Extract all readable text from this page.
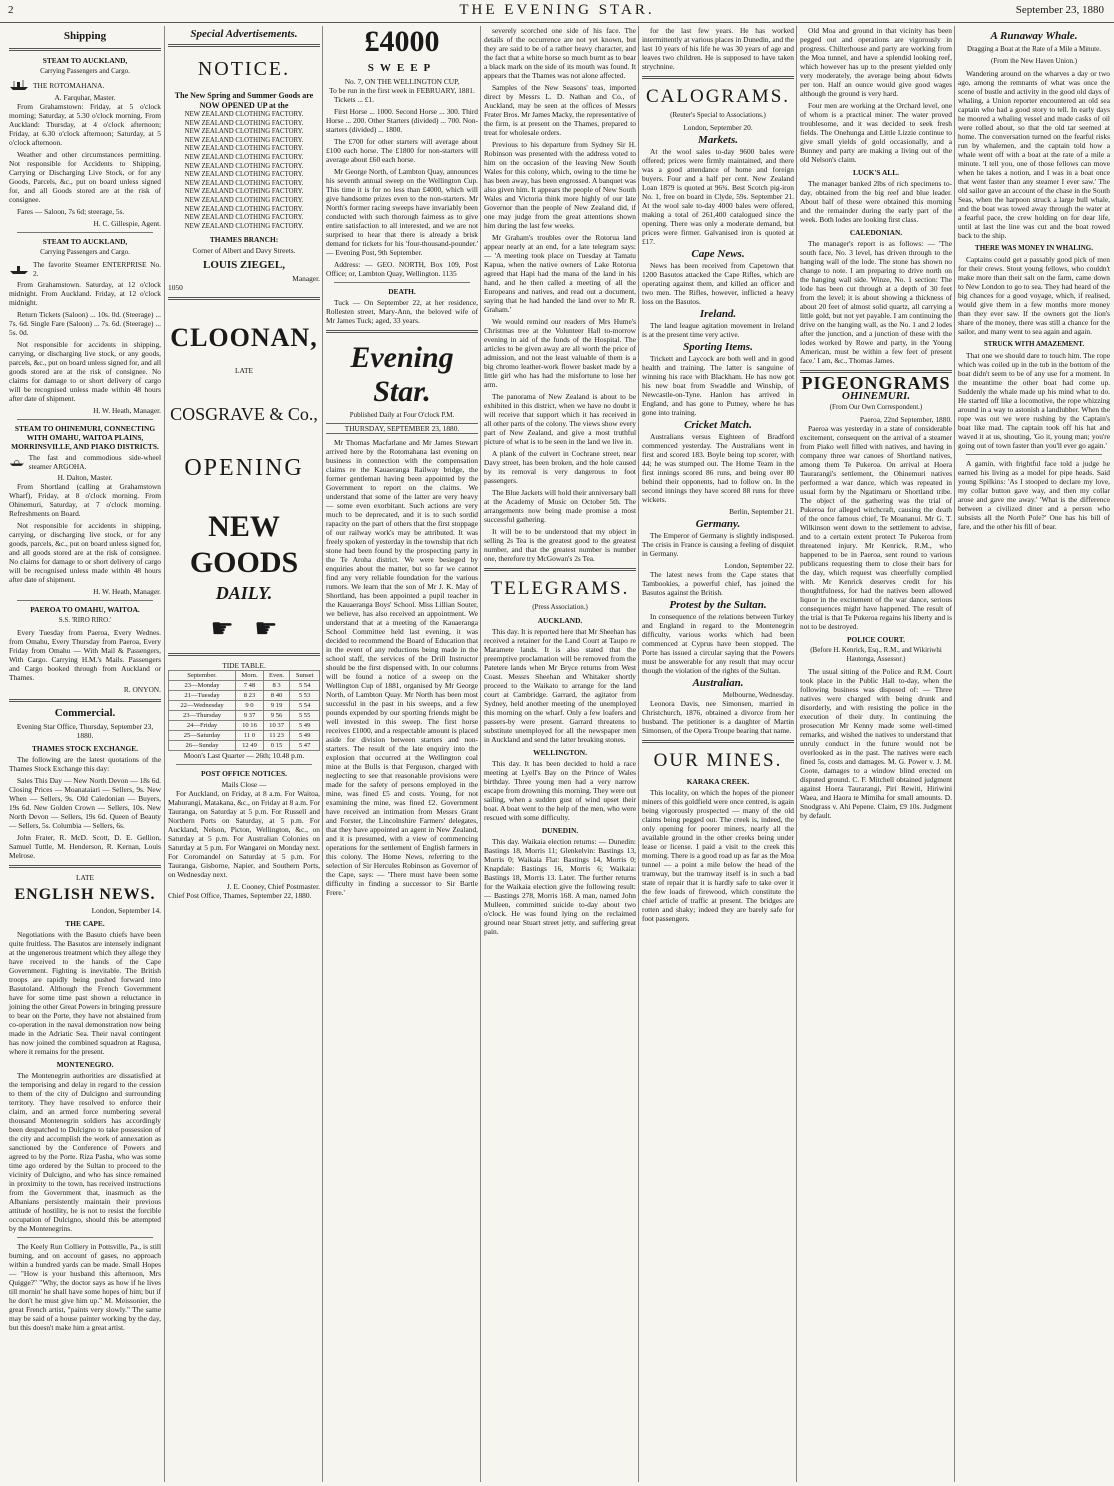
2	THE EVENING STAR.	September 23, 1880
Shipping
STEAM TO AUCKLAND,
Carrying Passengers and Cargo.
THE ROTOMAHANA.
A. Farquhar, Master.

From Grahamstown: Friday, at 5 o'clock morning; Saturday, at 5.30 o'clock morning. From Auckland: Thursday, at 4 o'clock afternoon; Friday, at 6.30 o'clock afternoon; Saturday, at 5 o'clock afternoon.

Weather and other circumstances permitting. Not responsible for Accidents to Shipping, Carrying or Discharging Live Stock, or for any Goods, Parcels, &c., put on board unless signed for, and all Goods stored are at the risk of consignee.

Fares — Saloon, 7s 6d; steerage, 5s.

H. C. Gillespie, Agent.
STEAM TO AUCKLAND,
Carrying Passengers and Cargo.
The favorite Steamer ENTERPRISE No. 2.

From Grahamstown. Saturday, at 12 o'clock midnight. From Auckland. Friday, at 12 o'clock midnight.

Return Tickets (Saloon) ... 10s. 0d. (Steerage) ... 7s. 6d. Single Fare (Saloon) ... 7s. 6d. (Steerage) ... 5s. 0d.

Not responsible for accidents in shipping, carrying, or discharging live stock, or any goods, parcels, &c., put on board unless signed for, and all goods stored are at the risk of consignee. No claims for damage to or short delivery of cargo will be recognised unless made within 48 hours after date of shipment.

H. W. Heath, Manager.
STEAM TO OHINEMURI, CONNECTING WITH OMAHU, WAITOA PLAINS, MORRINSVILLE, AND PIAKO DISTRICTS.
The fast and commodious side-wheel steamer ARGOHA.
H. Dalton, Master.

From Shortland (calling at Grahamstown Wharf), Friday, at 8 o'clock morning. From Ohinemuri, Saturday, at 7 o'clock morning. Refreshments on Board.

Not responsible for accidents in shipping, carrying, or discharging live stock, or for any goods, parcels, &c., put on board unless signed for, and all goods stored are at the risk of consignee. No claims for damage to or short delivery of cargo will be recognised unless made within 48 hours after date of shipment.

H. W. Heath, Manager.
PAEROA TO OMAHU, WAITOA.
S.S. 'RIRO RIRO.'

Every Tuesday from Paeroa, Every Wednes. from Omahu, Every Thursday from Paeroa, Every Friday from Omahu — With Mail & Passengers, With Cargo. Carrying H.M.'s Mails. Passengers and Cargo booked through from Auckland or Thames.

R. ONYON.
Commercial.
Evening Star Office, Thursday, September 23, 1880.
THAMES STOCK EXCHANGE.

The following are the latest quotations of the Thames Stock Exchange this day:

Sales This Day — New North Devon — 18s 6d. Closing Prices — Moanataiari — Sellers, 9s. New When — Sellers, 9s. Old Caledonian — Buyers, 19s 6d. New Golden Crown — Sellers, 10s. New North Devon — Sellers, 19s 6d. Queen of Beauty — Sellers, 5s. Columbia — Sellers, 6s.

John Frater, R. McD. Scott, D. E. Gellion, Samuel Tuttle, M. Henderson, R. Kernan, Louis Melrose.

LATE
ENGLISH NEWS.
London, September 14.
THE CAPE.

Negotiations with the Basuto chiefs have been quite fruitless. The Basutos are intensely indignant at the ungenerous treatment which they allege they have received to the hands of the Cape Government. Fighting is inevitable. The British troops are rapidly being pushed forward into Basutoland. Although the French Government have for some time past shown a reluctance in joining the other Great Powers in bringing pressure to bear on the Porte, they have not abstained from co-operation in the naval demonstration now being made in the Adriatic Sea. Their naval contingent has now joined the combined squadron at Ragusa, where it remains for the present.

MONTENEGRO.

The Montenegrin authorities are dissatisfied at the temporising and delay in regard to the cession to them of the city of Dulcigno and surrounding territory. They have resolved to enforce their claim, and an armed force numbering several thousand Montenegrin soldiers has accordingly been despatched to Dulcigno to take possession of the city and accomplish the work of annexation as sanctioned by the Conference of Powers and agreed to by the Porte. Riza Pasha, who was some time ago ordered by the Sultan to proceed to the vicinity of Dulcigno, and who has since remained in proximity to the town, has received instructions from the Government that, inasmuch as the Albanians persistently maintain their previous attitude of hostility, he is not to resist the forcible occupation of Dulcigno, should this be attempted by the Montenegrins.

The Keely Run Colliery in Pottsville, Pa., is still burning, and on account of gases, no approach within a hundred yards can be made. Small Hopes — "How is your husband this afternoon, Mrs Quigge?" "Why, the doctor says as how if he lives till mornin' he shall have some hopes of him; but if he don't he must give him up." M. Meissonier, the great French artist, "paints very slowly." The same may be said of a house painter working by the day, but this doesn't make him a great artist.

Special Advertisements.
NOTICE.
The New Spring and Summer Goods are NOW OPENED UP at the
NEW ZEALAND CLOTHING FACTORY.
NEW ZEALAND CLOTHING FACTORY.
NEW ZEALAND CLOTHING FACTORY.
NEW ZEALAND CLOTHING FACTORY.
NEW ZEALAND CLOTHING FACTORY.
NEW ZEALAND CLOTHING FACTORY.
NEW ZEALAND CLOTHING FACTORY.
NEW ZEALAND CLOTHING FACTORY.
NEW ZEALAND CLOTHING FACTORY.
NEW ZEALAND CLOTHING FACTORY.
NEW ZEALAND CLOTHING FACTORY.
NEW ZEALAND CLOTHING FACTORY.
NEW ZEALAND CLOTHING FACTORY.
NEW ZEALAND CLOTHING FACTORY.
THAMES BRANCH:
Corner of Albert and Davy Streets.
LOUIS ZIEGEL,
Manager.
1050
CLOONAN,
LATE
COSGRAVE & Co.,
OPENING
NEW GOODS
DAILY.
☛ ☛
TIDE TABLE.
September.	Morn.	Even.	Sunset
23—Monday	7 48	8 3	5 54
21—Tuesday	8 23	8 40	5 53
22—Wednesday	9 0	9 19	5 54
23—Thursday	9 37	9 56	5 55
24—Friday	10 16	10 37	5 49
25—Saturday	11 0	11 23	5 49
26—Sunday	12 49	0 15	5 47
Moon's Last Quarter — 26th; 10.48 p.m.
POST OFFICE NOTICES.
Mails Close —

For Auckland, on Friday, at 8 a.m. For Waitoa, Mahurangi, Matakana, &c., on Friday at 8 a.m. For Tauranga, on Saturday at 5 p.m. For Russell and Northern Ports on Saturday, at 5 p.m. For Auckland, Nelson, Picton, Wellington, &c., on Saturday at 5 p.m. For Australian Colonies on Saturday at 5 p.m. For Wangarei on Monday next. For Coromandel on Saturday at 5 p.m. For Tauranga, Gisborne, Napier, and Southern Ports, on Wednesday next.

J. E. Cooney, Chief Postmaster.
Chief Post Office, Thames, September 22, 1880.
£4000
SWEEP
No. 7, ON THE WELLINGTON CUP,
To be run in the first week in FEBRUARY, 1881.

Tickets ... £1.

First Horse ... 1000. Second Horse ... 300. Third Horse ... 200. Other Starters (divided) ... 700. Non-starters (divided) ... 1800.

The £700 for other starters will average about £100 each horse. The £1800 for non-starters will average about £60 each horse.

Mr George North, of Lambton Quay, announces his seventh annual sweep on the Wellington Cup. This time it is for no less than £4000, which will give handsome prizes even to the non-starters. Mr North's former racing sweeps have invariably been conducted with such thorough fairness as to give entire satisfaction to all interested, and we are not surprised to hear that there is already a brisk demand for tickets for his 'four-thousand-pounder.' — Evening Post, 9th September.

Address: — GEO. NORTH, Box 109, Post Office; or, Lambton Quay, Wellington. 1135

DEATH.

Tuck — On September 22, at her residence, Rollesten street, Mary-Ann, the beloved wife of Mr James Tuck; aged, 33 years.

Evening Star.
Published Daily at Four O'clock P.M.
THURSDAY, SEPTEMBER 23, 1880.

Mr Thomas Macfarlane and Mr James Stewart arrived here by the Rotomahana last evening on business in connection with the compensation claims re the Kauaeranga Railway bridge, the former gentleman having been appointed by the Government to report on the claims. We understand that some of the latter are very heavy — some even exorbitant. Such actions are very much to be deprecated, and it is to such sordid rapacity on the part of others that the first stoppage of our railway work's may be attributed. It was freely spoken of yesterday in the township that rich stone had been found by the prospecting party in the Te Aroha district. We were besieged by enquiries about the matter, but so far we cannot find any very reliable foundation for the various rumors. We learn that the son of Mr J. K. May of Shortland, has been appointed a pupil teacher in the Kauaeranga Boys' School. Miss Lillian Souter, we believe, has also received an appointment. We understand that at a meeting of the Kauaeranga School Committee held last evening, it was decided to recommend the Board of Education that in the event of any reductions being made in the school staff, the services of the Drill Instructor should be the first dispensed with. In our columns will be found a notice of a sweep on the Wellington Cup of 1881, organised by Mr George North, of Lambton Quay. Mr North has been most successful in the past in his sweeps, and a few pounds expended by our sporting friends might be well invested in this sweep. The first horse receives £1000, and a respectable amount is placed aside for division between starters and non-starters. The result of the late enquiry into the explosion that occurred at the Wellington coal mine at the Bulls is that Ferguson, charged with neglecting to see that reasonable provisions were made for the safety of persons employed in the mine, was fined £5 and costs. Young, for not examining the mine, was fined £2. Government have received an intimation from Messrs Grant and Forster, the Lincolnshire Farmers' delegates, that they have appointed an agent in New Zealand, and it is presumed, with a view of commencing operations for the settlement of English farmers in this colony. The Home News, referring to the selection of Sir Hercules Robinson as Governor of the Cape, says: — 'There must have been some difficulty in finding a successor to Sir Bartle Frere.'

severely scorched one side of his face. The details of the occurrence are not yet known, but they are said to be of a rather heavy character, and the fact that a white horse so much burnt as to bear a black mark on the side of its mouth was found. It appears that the Thames was not alone affected.

Samples of the New Seasons' teas, imported direct by Messrs L. D. Nathan and Co., of Auckland, may be seen at the offices of Messrs Frater Bros. Mr James Macky, the representative of the firm, is at present on the Thames, prepared to treat for wholesale orders.

Previous to his departure from Sydney Sir H. Robinson was presented with the address voted to him on the occasion of the leaving New South Wales for this colony, which, owing to the time he has been away, has been engrossed. A banquet was also given him. It appears the people of New South Wales and Victoria think more highly of our late Governor than the people of New Zealand did, if one may judge from the great attentions shown him during the last few weeks.

Mr Graham's troubles over the Rotorua land appear nearly at an end, for a late telegram says: — 'A meeting took place on Tuesday at Tamatu Kapua, when the native owners of Lake Rotorua agreed that Hapi had the mana of the land in his hand, and he then called a meeting of all the Europeans and natives, and read out a document, saying that he had handed the land over to Mr R. Graham.'

We would remind our readers of Mrs Hume's Christmas tree at the Volunteer Hall to-morrow evening in aid of the funds of the Hospital. The articles to be given away are all worth the price of admission, and not the least valuable of them is a big chromo leather-work flower basket made by a little girl who has had the misfortune to lose her arm.

The panorama of New Zealand is about to be exhibited in this district, when we have no doubt it will receive that support which it has received in all other parts of the colony. The views show every part of New Zealand, and give a most truthful picture of what is to be seen in the land we live in.

A plank of the culvert in Cochrane street, near Davy street, has been broken, and the hole caused by its removal is very dangerous to foot passengers.

The Blue Jackets will hold their anniversary ball at the Academy of Music on October 5th. The arrangements now being made promise a most successful gathering.

It will be to be understood that my object in selling 2s Tea is the greatest good to the greatest number, and that the greatest number is number one, therefore try McGowan's 2s Tea.

TELEGRAMS.
(Press Association.)
AUCKLAND.

This day. It is reported here that Mr Sheehan has received a retainer for the Land Court at Taupo re Maramete lands. It is also stated that the preemptive proclamation will be removed from the Patetere lands when Mr Bryce returns from West Coast. Messrs Sheehan and Whitaker shortly proceed to the Waikato to arrange for the land court at Cambridge. Garrard, the agitator from Sydney, held another meeting of the unemployed this morning on the wharf. Only a few loafers and passers-by were present. Garrard threatens to substitute unemployed for all the newspaper men in Auckland and send the latter breaking stones.

WELLINGTON.

This day. It has been decided to hold a race meeting at Lyell's Bay on the Prince of Wales birthday. Three young men had a very narrow escape from drowning this morning. They were out sailing, when a sudden gust of wind upset their boat. A boat went to the help of the men, who were rescued with some difficulty.

DUNEDIN.

This day. Waikaia election returns: — Dunedin: Bastings 18, Morris 11; Glenkelvin: Bastings 13, Morris 0; Waikaia Flat: Bastings 14, Morris 0; Knapdale: Bastings 16, Morris 6; Waikaia: Bastings 18, Morris 13. Later. The further returns for the Waikaia election give the following result: — Bastings 278, Morris 168. A man, named John Mulleen, committed suicide to-day about two o'clock. He was found lying on the reclaimed ground near Stuart street jetty, and suffering great pain.

for the last few years. He has worked intermittently at various places in Dunedin, and the last 10 years of his life he was 30 years of age and leaves two children. He is supposed to have taken strychnine.

CALOGRAMS.
(Reuter's Special to Associations.)
London, September 20.
Markets.

At the wool sales to-day 9600 bales were offered; prices were firmly maintained, and there was a good attendance of home and foreign buyers. Four and a half per cent. New Zealand Loan 1879 is quoted at 96¾. Best Scotch pig-iron No. 1, free on board in Clyde, 59s. September 21. At the wool sale to-day 4000 bales were offered, making a total of 261,400 catalogued since the opening. There was only a moderate demand, but prices were firmer. Galvanised iron is quoted at £17.

Cape News.

News has been received from Capetown that 1200 Basutos attacked the Cape Rifles, which are operating against them, and killed an officer and two men. The Rifles, however, inflicted a heavy loss on the Basutos.

Ireland.

The land league agitation movement in Ireland is at the present time very active.

Sporting Items.

Trickett and Laycock are both well and in good health and training. The latter is sanguine of winning his race with Blackham. He has now got his new boat from Swaddle and Winship, of Newcastle-on-Tyne. Hanlon has arrived in England, and has gone to Putney, where he has gone into training.

Cricket Match.

Australians versus Eighteen of Bradford commenced yesterday. The Australians went in first and scored 183. Boyle being top scorer, with 44; he was stumped out. The Home Team in the first innings scored 86 runs, and being over 80 behind their opponents, had to follow on. In the second innings they have scored 88 runs for three wickets.

Berlin, September 21.
Germany.

The Emperor of Germany is slightly indisposed. The crisis in France is causing a feeling of disquiet in Germany.

London, September 22.

The latest news from the Cape states that Tambookies, a powerful chief, has joined the Basutos against the British.

Protest by the Sultan.

In consequence of the relations between Turkey and England in regard to the Montenegrin difficulty, various works which had been commenced at Cyprus have been stopped. The Porte has issued a circular saying that the Powers must be answerable for any result that may occur though the violation of the rights of the Sultan.

Australian.
Melbourne, Wednesday.

Leonora Davis, nee Simonsen, married in Christchurch, 1876, obtained a divorce from her husband. The petitioner is a daughter of Martin Simonsen, of the Opera Troupe bearing that name.

OUR MINES.
KARAKA CREEK.

This locality, on which the hopes of the pioneer miners of this goldfield were once centred, is again being vigorously prospected — many of the old claims being pegged out. The creek is, indeed, the only opening for poorer miners, nearly all the available ground in the other creeks being under lease or license. I paid a visit to the creek this morning. There is a good road up as far as the Moa tunnel — a point a mile below the head of the tramway, but the tramway itself is in such a bad state of repair that it is hardly safe to take over it the few loads of firewood, which constitute the chief article of traffic at present. The bridges are rotten and shaky; indeed they are barely safe for foot passengers.

Old Moa and ground in that vicinity has been pegged out and operations are vigorously in progress. Chilterhouse and party are working from the Moa tunnel, and have a splendid looking reef, which however has up to the present yielded only very moderately, the average being about 6dwts per ton. Half an ounce would give good wages although the ground is very hard.

Four men are working at the Orchard level, one of whom is a practical miner. The water proved troublesome, and it was decided to seek fresh fields. The Onehunga and Little Lizzie continue to give small yields of gold occasionally, and a Bunney and party are making a living out of the old Nelson's claim.

LUCK'S ALL.

The manager banked 2lbs of rich specimens to-day, obtained from the big reef and blue leader. About half of these were obtained this morning and the remainder during the early part of the week. Both lodes are looking first class.

CALEDONIAN.

The manager's report is as follows: — 'The south face, No. 3 level, has driven through to the hanging wall of the lode. The stone has shown no change to note. I am preparing to drive north on the hanging wall side. Winze, No. 1 section: The lode has been cut through at a depth of 30 feet from the level; it is about showing a thickness of about 20 feet of almost solid quartz, all carrying a little gold, but not yet payable. I am continuing the drive on the hanging wall, as the No. 1 and 2 lodes after the junction, and a junction of these with the lodes worked by Rowe and party, in the Young American, must be within a few feet of present face.' I am, &c., Thomas James.

PIGEONGRAMS
OHINEMURI.
(From Our Own Correspondent.)
Paeroa, 22nd September, 1880.

Paeroa was yesterday in a state of considerable excitement, consequent on the arrival of a steamer from Piako well filled with natives, and having in company three war canoes of Shortland natives, among them Te Pukeroa. On arrival at Hoera Taurarangi's settlement, the Ohinemuri natives performed a war dance, which was repeated in usual form by the Ngatimaru or Shortland tribe. The object of the gathering was the trial of Pukeroa for alleged witchcraft, causing the death of the once famous chief, Te Moananui. Mr G. T. Wilkinson went down to the settlement to advise, and to a certain extent protect Te Pukeroa from threatened injury. Mr Kenrick, R.M., who happened to be in Paeroa, sent round to various publicans requesting them to close their bars for the day, which request was cheerfully complied with. Mr Kenrick deserves credit for his thoughtfulness, for had the natives been allowed liquor in the excitement of the war dance, serious consequences might have happened. The result of the trial is that Te Pukeroa regains his liberty and is not to be destroyed.

POLICE COURT.
(Before H. Kenrick, Esq., R.M., and Wikiriwhi Hautonga, Assessor.)

The usual sitting of the Police and R.M. Court took place in the Public Hall to-day, when the following business was disposed of: — Three natives were charged with being drunk and disorderly, and with resisting the police in the execution of their duty. In continuing the prosecution Mr Kenny made some well-timed remarks, and wished the natives to understand that unruly conduct in the future would not be overlooked as in the past. The natives were each fined 5s, costs and damages. M. G. Power v. J. M. Coote, damages to a window blind erected on disputed ground. C. F. Mitchell obtained judgment against Hoera Taurarangi, Piri Rewiti, Hiriwini Waea, and Haora te Mimiha for small amounts. D. Snodgrass v. Ahi Pepene. Claim, £9 10s. Judgment by default.

A Runaway Whale.
Dragging a Boat at the Rate of a Mile a Minute.
(From the New Haven Union.)

Wandering around on the wharves a day or two ago, among the remnants of what was once the scene of bustle and activity in the good old days of whaling, a Union reporter encountered an old sea captain who had a good story to tell. In early days he moored a whaling vessel and made casks of oil were rolled about, so that the old tar seemed at home. The conversation turned on the fearful risks run by whalemen, and the captain told how a whale went off with a boat at the rate of a mile a minute. 'I tell you, one of those fellows can move when he takes a notion, and I was in a boat once that went faster than any steamer I ever saw.' The old sailor gave an account of the chase in the South Seas, when the harpoon struck a large bull whale, and the boat was towed away through the water at a fearful pace, the crew holding on for dear life, until at last the line was cut and the boat rowed back to the ship.

THERE WAS MONEY IN WHALING.

Captains could get a passably good pick of men for their crews. Stout young fellows, who couldn't make more than their salt on the farm, came down to New London to go to sea. They had heard of the big chances for a good voyage, which, if realised, would give them in a few months more money than they ever saw. If the owners got the lion's share of the money, there was still a chance for the sailor, and many went to sea again and again.

STRUCK WITH AMAZEMENT.

That one we should dare to touch him. The rope which was coiled up in the tub in the bottom of the boat didn't seem to be of any use for a moment. In the meantime the other boat had come up. Suddenly the whale made up his mind what to do. He started off like a locomotive, the rope whizzing around in a way to astonish a landlubber. When the rope was out we were rushing by the Captain's boat like mad. The captain took off his hat and waved it at us, shouting, 'Go it, young man; you're going out of town faster than you'll ever go again.'

A gamin, with frightful face told a judge he earned his living as a model for pipe heads. Said young Spilkins: 'As I stooped to declare my love, my collar button gave way, and then my collar arose and gave me away.' 'What is the difference between a civilized diner and a person who subsists all the North Pole?' One has his bill of fare, and the other his fill of bear.
